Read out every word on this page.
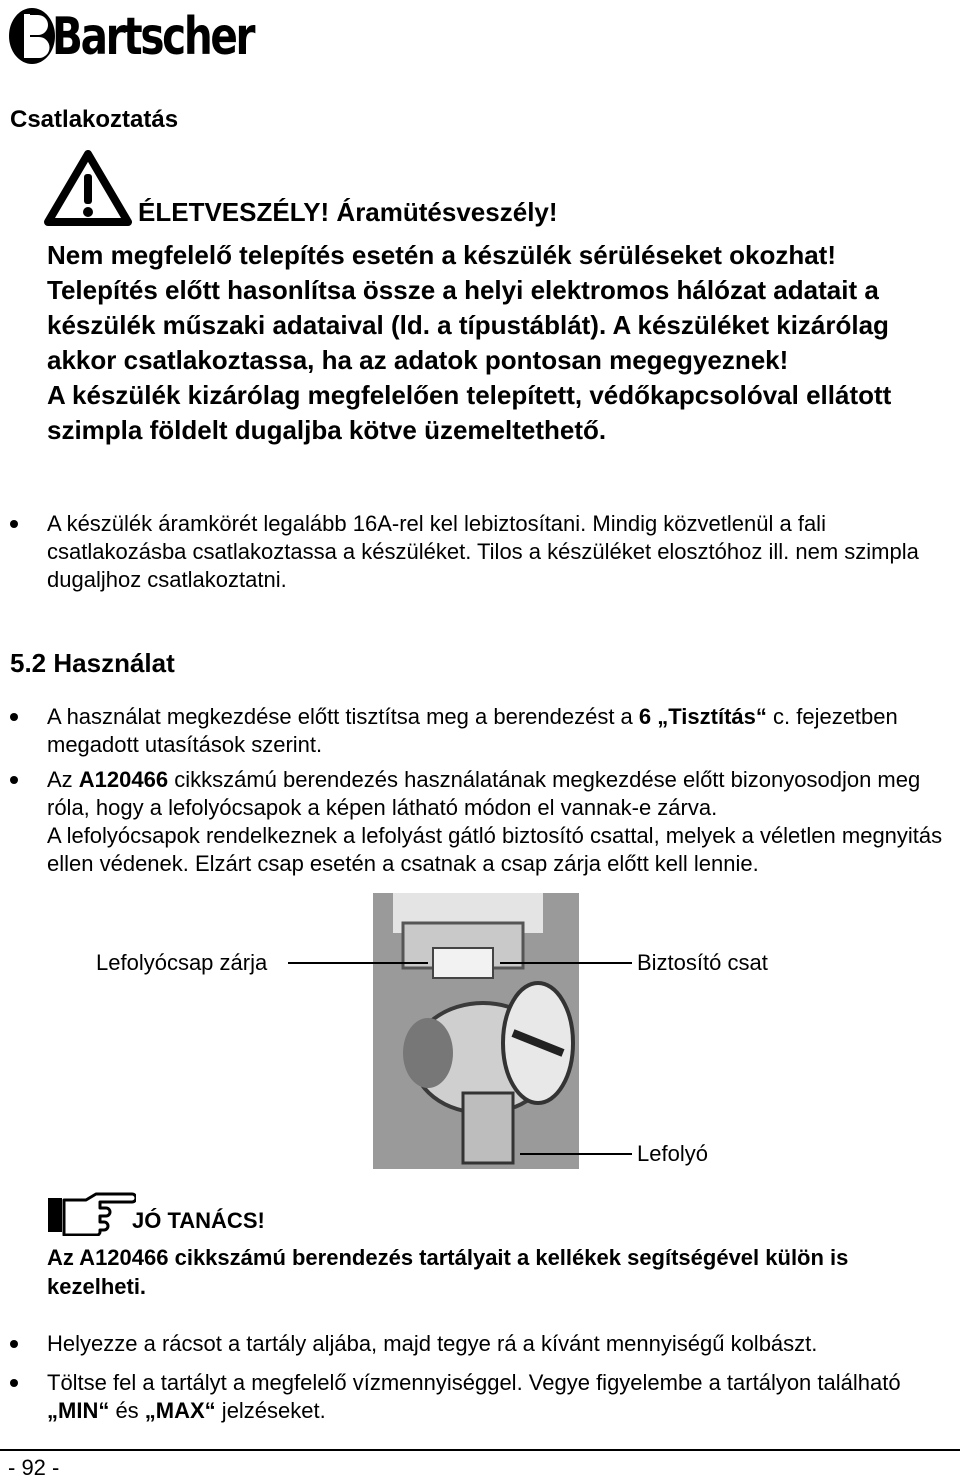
Bartscher
Csatlakoztatás
ÉLETVESZÉLY! Áramütésveszély!

Nem megfelelő telepítés esetén a készülék sérüléseket okozhat! Telepítés előtt hasonlítsa össze a helyi elektromos hálózat adatait a készülék műszaki adataival (ld. a típustáblát). A készüléket kizárólag akkor csatlakoztassa, ha az adatok pontosan megegyeznek!

A készülék kizárólag megfelelően telepített, védőkapcsolóval ellátott szimpla földelt dugaljba kötve üzemeltethető.

A készülék áramkörét legalább 16A-rel kel lebiztosítani. Mindig közvetlenül a fali csatlakozásba csatlakoztassa a készüléket. Tilos a készüléket elosztóhoz ill. nem szimpla dugaljhoz csatlakoztatni.
5.2 Használat
A használat megkezdése előtt tisztítsa meg a berendezést a 6 „Tisztítás“ c. fejezetben megadott utasítások szerint.

Az A120466 cikkszámú berendezés használatának megkezdése előtt bizonyosodjon meg róla, hogy a lefolyócsapok a képen látható módon el vannak-e zárva.

A lefolyócsapok rendelkeznek a lefolyást gátló biztosító csattal, melyek a véletlen megnyitás ellen védenek. Elzárt csap esetén a csatnak a csap zárja előtt kell lennie.

Lefolyócsap zárja	Biztosító csat
Lefolyó
JÓ TANÁCS!
Az A120466 cikkszámú berendezés tartályait a kellékek segítségével külön is kezelheti.
Helyezze a rácsot a tartály aljába, majd tegye rá a kívánt mennyiségű kolbászt.
Töltse fel a tartályt a megfelelő vízmennyiséggel. Vegye figyelembe a tartályon található „MIN“ és „MAX“ jelzéseket.
- 92 -
